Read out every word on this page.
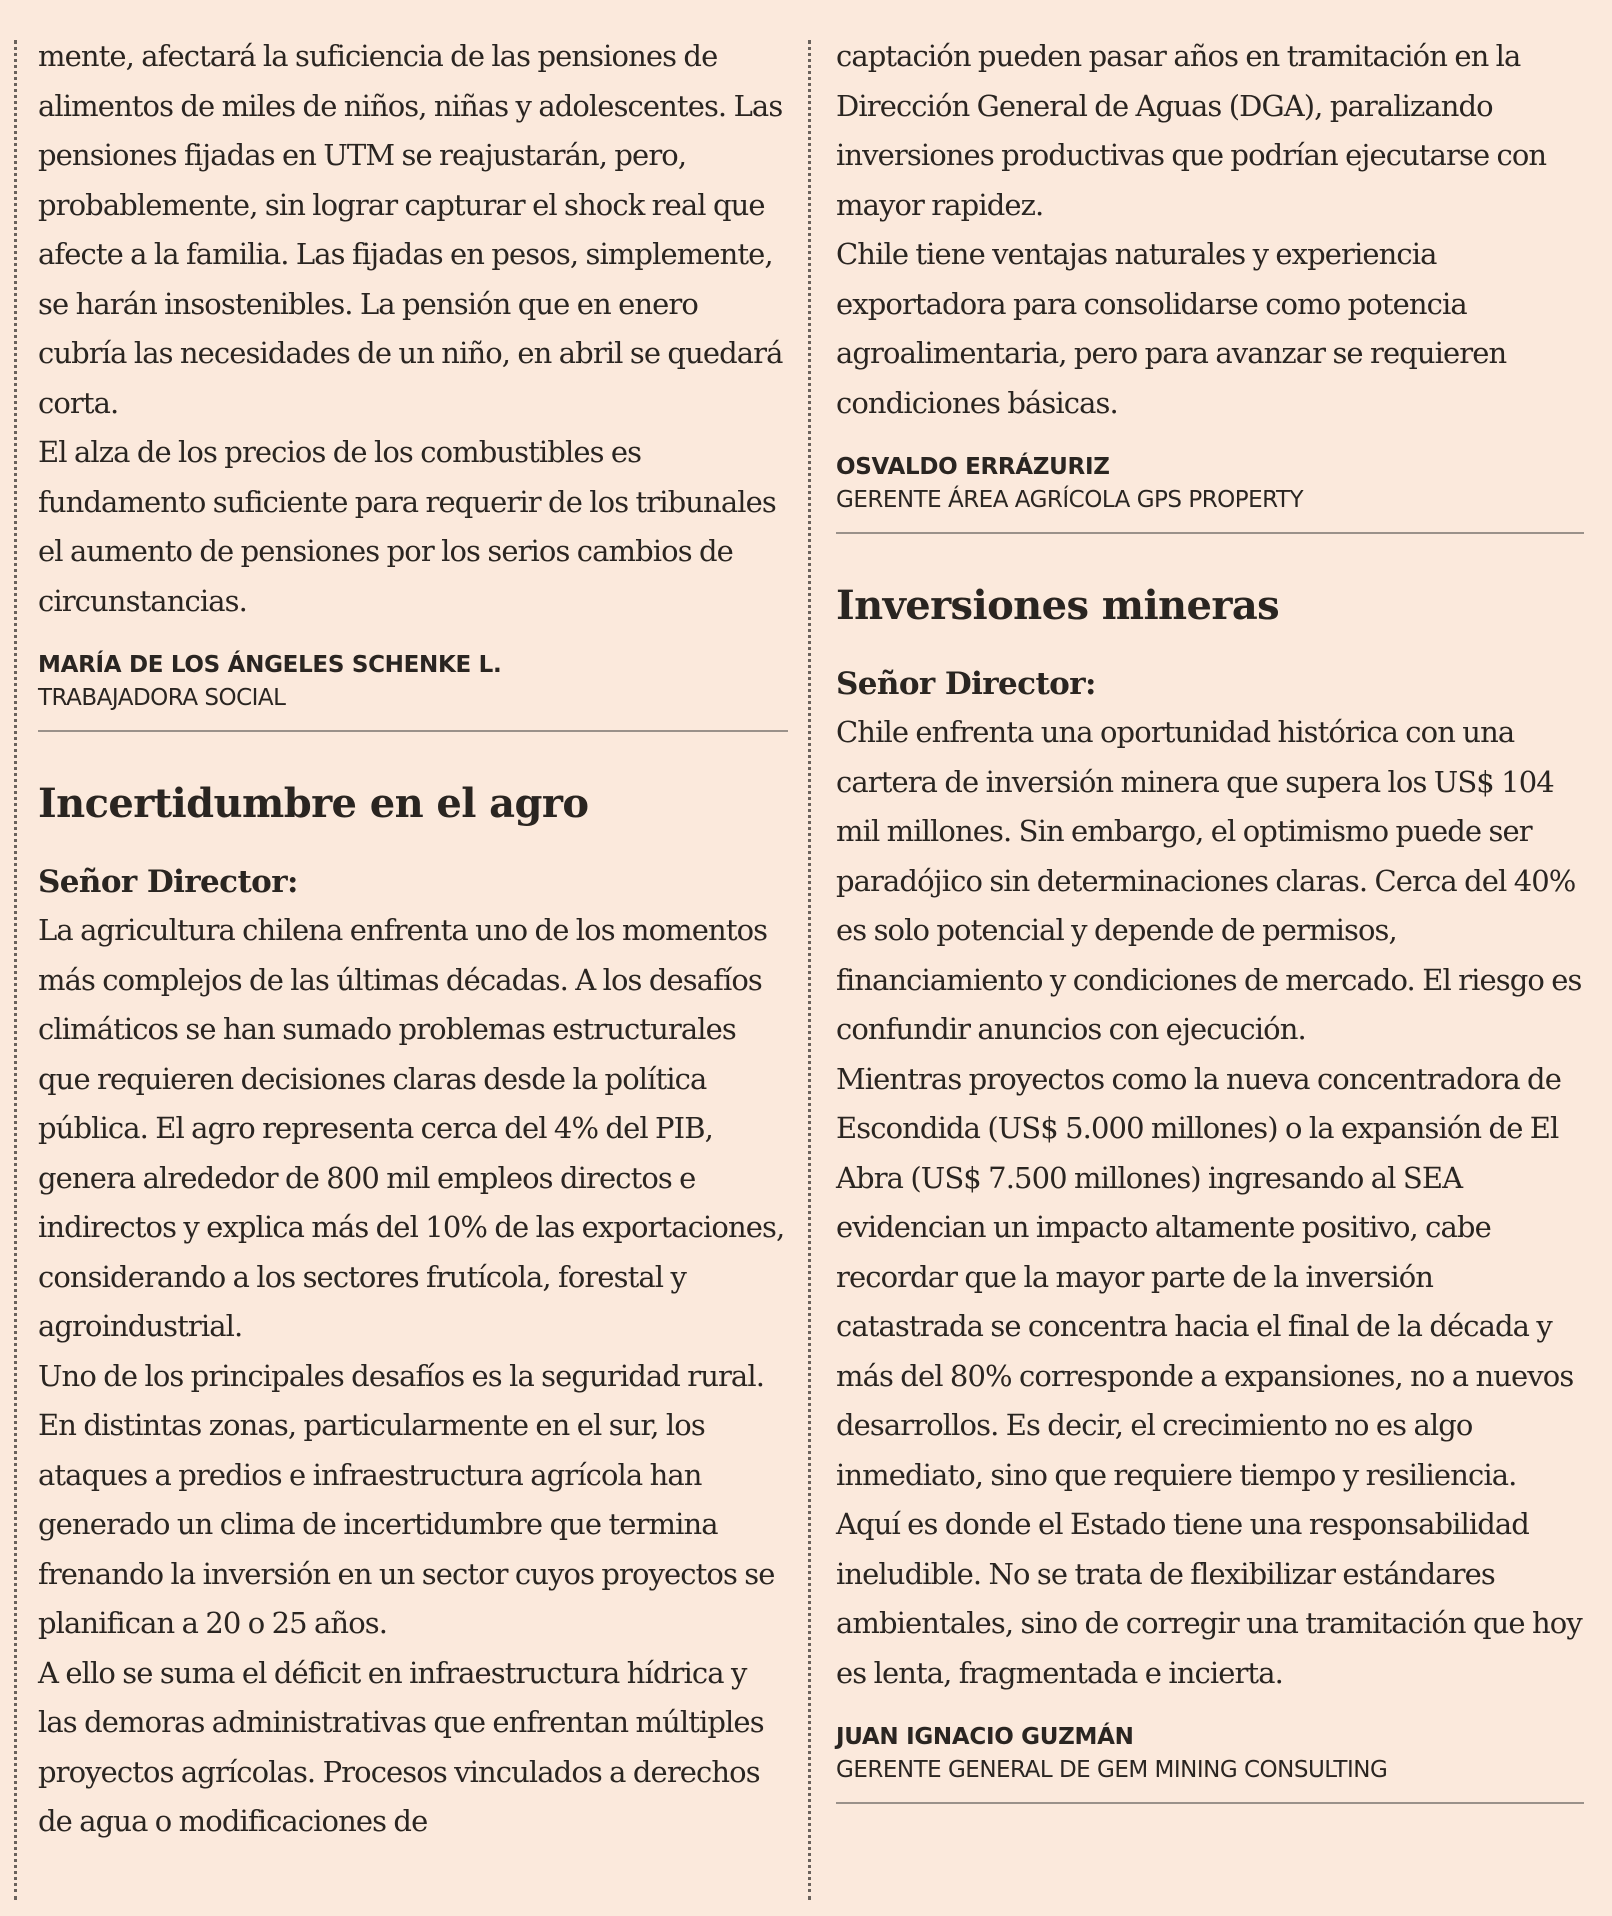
mente, afectará la suficiencia de las pensiones de alimentos de miles de niños, niñas y adolescentes. Las pensiones fijadas en UTM se reajustarán, pero, probablemente, sin lograr capturar el shock real que afecte a la familia. Las fijadas en pesos, simplemente, se harán insostenibles. La pensión que en enero cubría las necesidades de un niño, en abril se quedará corta.

El alza de los precios de los combustibles es fundamento suficiente para requerir de los tribunales el aumento de pensiones por los serios cambios de circunstancias.

MARÍA DE LOS ÁNGELES SCHENKE L.
TRABAJADORA SOCIAL
Incertidumbre en el agro

Señor Director:

La agricultura chilena enfrenta uno de los momentos más complejos de las últimas décadas. A los desafíos climáticos se han sumado problemas estructurales que requieren decisiones claras desde la política pública. El agro representa cerca del 4% del PIB, genera alrededor de 800 mil empleos directos e indirectos y explica más del 10% de las exportaciones, considerando a los sectores frutícola, forestal y agroindustrial.

Uno de los principales desafíos es la seguridad rural. En distintas zonas, particularmente en el sur, los ataques a predios e infraestructura agrícola han generado un clima de incertidumbre que termina frenando la inversión en un sector cuyos proyectos se planifican a 20 o 25 años.

A ello se suma el déficit en infraestructura hídrica y las demoras administrativas que enfrentan múltiples proyectos agrícolas. Procesos vinculados a derechos de agua o modificaciones de

captación pueden pasar años en tramitación en la Dirección General de Aguas (DGA), paralizando inversiones productivas que podrían ejecutarse con mayor rapidez.

Chile tiene ventajas naturales y experiencia exportadora para consolidarse como potencia agroalimentaria, pero para avanzar se requieren condiciones básicas.

OSVALDO ERRÁZURIZ
GERENTE ÁREA AGRÍCOLA GPS PROPERTY
Inversiones mineras

Señor Director:

Chile enfrenta una oportunidad histórica con una cartera de inversión minera que supera los US$ 104 mil millones. Sin embargo, el optimismo puede ser paradójico sin determinaciones claras. Cerca del 40% es solo potencial y depende de permisos, financiamiento y condiciones de mercado. El riesgo es confundir anuncios con ejecución.

Mientras proyectos como la nueva concentradora de Escondida (US$ 5.000 millones) o la expansión de El Abra (US$ 7.500 millones) ingresando al SEA evidencian un impacto altamente positivo, cabe recordar que la mayor parte de la inversión catastrada se concentra hacia el final de la década y más del 80% corresponde a expansiones, no a nuevos desarrollos. Es decir, el crecimiento no es algo inmediato, sino que requiere tiempo y resiliencia.

Aquí es donde el Estado tiene una responsabilidad ineludible. No se trata de flexibilizar estándares ambientales, sino de corregir una tramitación que hoy es lenta, fragmentada e incierta.

JUAN IGNACIO GUZMÁN
GERENTE GENERAL DE GEM MINING CONSULTING
